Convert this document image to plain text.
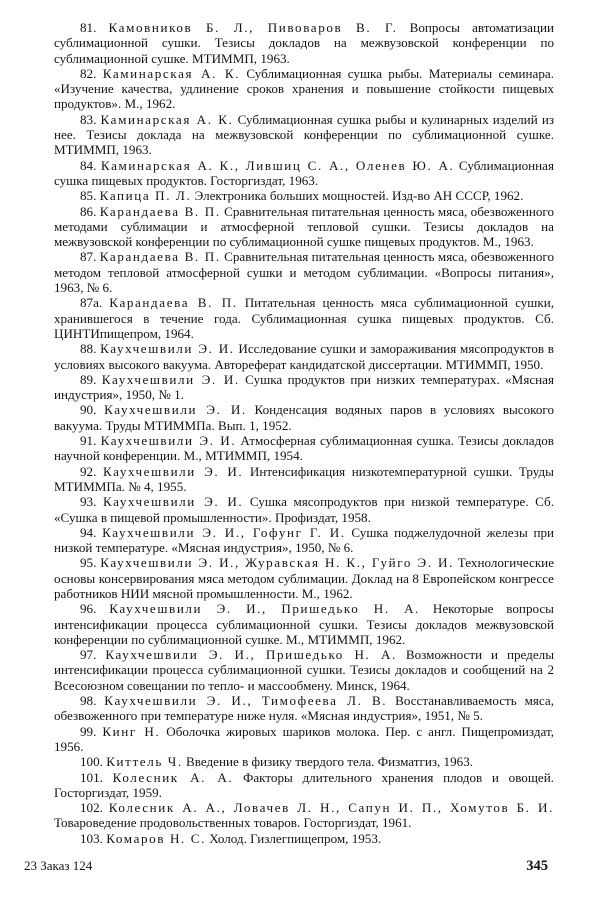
81. Камовников Б. Л., Пивоваров В. Г. Вопросы автоматизации сублимационной сушки. Тезисы докладов на межвузовской конференции по сублимационной сушке. МТИММП, 1963.

82. Каминарская А. К. Сублимационная сушка рыбы. Материалы семинара. «Изучение качества, удлинение сроков хранения и повышение стойкости пищевых продуктов». М., 1962.

83. Каминарская А. К. Сублимационная сушка рыбы и кулинарных изделий из нее. Тезисы доклада на межвузовской конференции по сублимационной сушке. МТИММП, 1963.

84. Каминарская А. К., Лившиц С. А., Оленев Ю. А. Сублимационная сушка пищевых продуктов. Госторгиздат, 1963.

85. Капица П. Л. Электроника больших мощностей. Изд-во АН СССР, 1962.

86. Карандаева В. П. Сравнительная питательная ценность мяса, обезвоженного методами сублимации и атмосферной тепловой сушки. Тезисы докладов на межвузовской конференции по сублимационной сушке пищевых продуктов. М., 1963.

87. Карандаева В. П. Сравнительная питательная ценность мяса, обезвоженного методом тепловой атмосферной сушки и методом сублимации. «Вопросы питания», 1963, № 6.

87а. Карандаева В. П. Питательная ценность мяса сублимационной сушки, хранившегося в течение года. Сублимационная сушка пищевых продуктов. Сб. ЦИНТИпищепром, 1964.

88. Каухчешвили Э. И. Исследование сушки и замораживания мясопродуктов в условиях высокого вакуума. Автореферат кандидатской диссертации. МТИММП, 1950.

89. Каухчешвили Э. И. Сушка продуктов при низких температурах. «Мясная индустрия», 1950, № 1.

90. Каухчешвили Э. И. Конденсация водяных паров в условиях высокого вакуума. Труды МТИММПа. Вып. 1, 1952.

91. Каухчешвили Э. И. Атмосферная сублимационная сушка. Тезисы докладов научной конференции. М., МТИММП, 1954.

92. Каухчешвили Э. И. Интенсификация низкотемпературной сушки. Труды МТИММПа. № 4, 1955.

93. Каухчешвили Э. И. Сушка мясопродуктов при низкой температуре. Сб. «Сушка в пищевой промышленности». Профиздат, 1958.

94. Каухчешвили Э. И., Гофунг Г. И. Сушка поджелудочной железы при низкой температуре. «Мясная индустрия», 1950, № 6.

95. Каухчешвили Э. И., Журавская Н. К., Гуйго Э. И. Технологические основы консервирования мяса методом сублимации. Доклад на 8 Европейском конгрессе работников НИИ мясной промышленности. М., 1962.

96. Каухчешвили Э. И., Пришедько Н. А. Некоторые вопросы интенсификации процесса сублимационной сушки. Тезисы докладов межвузовской конференции по сублимационной сушке. М., МТИММП, 1962.

97. Каухчешвили Э. И., Пришедько Н. А. Возможности и пределы интенсификации процесса сублимационной сушки. Тезисы докладов и сообщений на 2 Всесоюзном совещании по тепло- и массообмену. Минск, 1964.

98. Каухчешвили Э. И., Тимофеева Л. В. Восстанавливаемость мяса, обезвоженного при температуре ниже нуля. «Мясная индустрия», 1951, № 5.

99. Кинг Н. Оболочка жировых шариков молока. Пер. с англ. Пищепромиздат, 1956.

100. Киттель Ч. Введение в физику твердого тела. Физматгиз, 1963.

101. Колесник А. А. Факторы длительного хранения плодов и овощей. Госторгиздат, 1959.

102. Колесник А. А., Ловачев Л. Н., Сапун И. П., Хомутов Б. И. Товароведение продовольственных товаров. Госторгиздат, 1961.

103. Комаров Н. С. Холод. Гизлегпищепром, 1953.

23 Заказ 124	345
